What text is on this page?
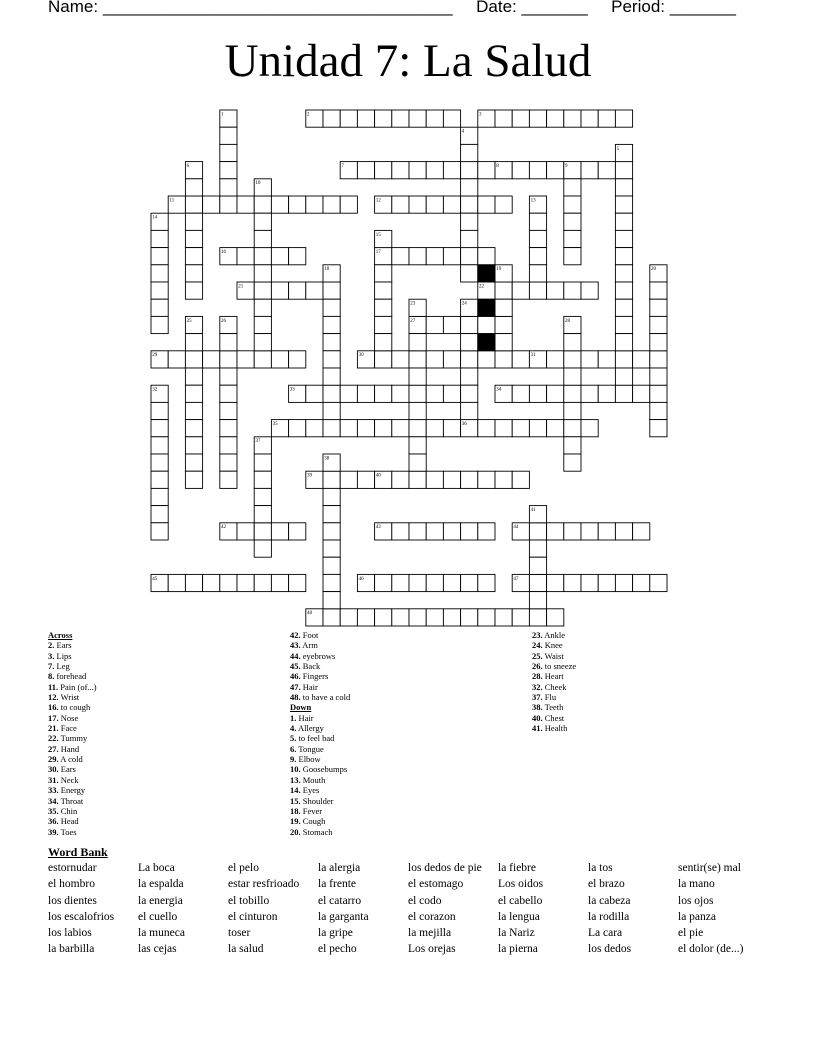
Name: _____________________________________ Date: _______ Period: _______
Unidad 7: La Salud
2	3
7	8
11	12
16	17
21	22
27
29	30	31
33	34
35	36
39	40
42	43	44
45	46	47
48
1
4
5
6	9
10
13
14
15
18	19	20
23	24
25	26	28
32
37
38
41
Across
2. Ears
3. Lips
7. Leg
8. forehead
11. Pain (of...)
12. Wrist
16. to cough
17. Nose
21. Face
22. Tummy
27. Hand
29. A cold
30. Ears
31. Neck
33. Energy
34. Throat
35. Chin
36. Head
39. Toes
42. Foot
43. Arm
44. eyebrows
45. Back
46. Fingers
47. Hair
48. to have a cold
Down
1. Hair
4. Allergy
5. to feel bad
6. Tongue
9. Elbow
10. Goosebumps
13. Mouth
14. Eyes
15. Shoulder
18. Fever
19. Cough
20. Stomach
23. Ankle
24. Knee
25. Waist
26. to sneeze
28. Heart
32. Cheek
37. Flu
38. Teeth
40. Chest
41. Health
Word Bank
estornudar	La boca	el pelo	la alergia	los dedos de pie	la fiebre	la tos	sentir(se) mal
el hombro	la espalda	estar resfrioado	la frente	el estomago	Los oidos	el brazo	la mano
los dientes	la energia	el tobillo	el catarro	el codo	el cabello	la cabeza	los ojos
los escalofrios	el cuello	el cinturon	la garganta	el corazon	la lengua	la rodilla	la panza
los labios	la muneca	toser	la gripe	la mejilla	la Nariz	La cara	el pie
la barbilla	las cejas	la salud	el pecho	Los orejas	la pierna	los dedos	el dolor (de...)
